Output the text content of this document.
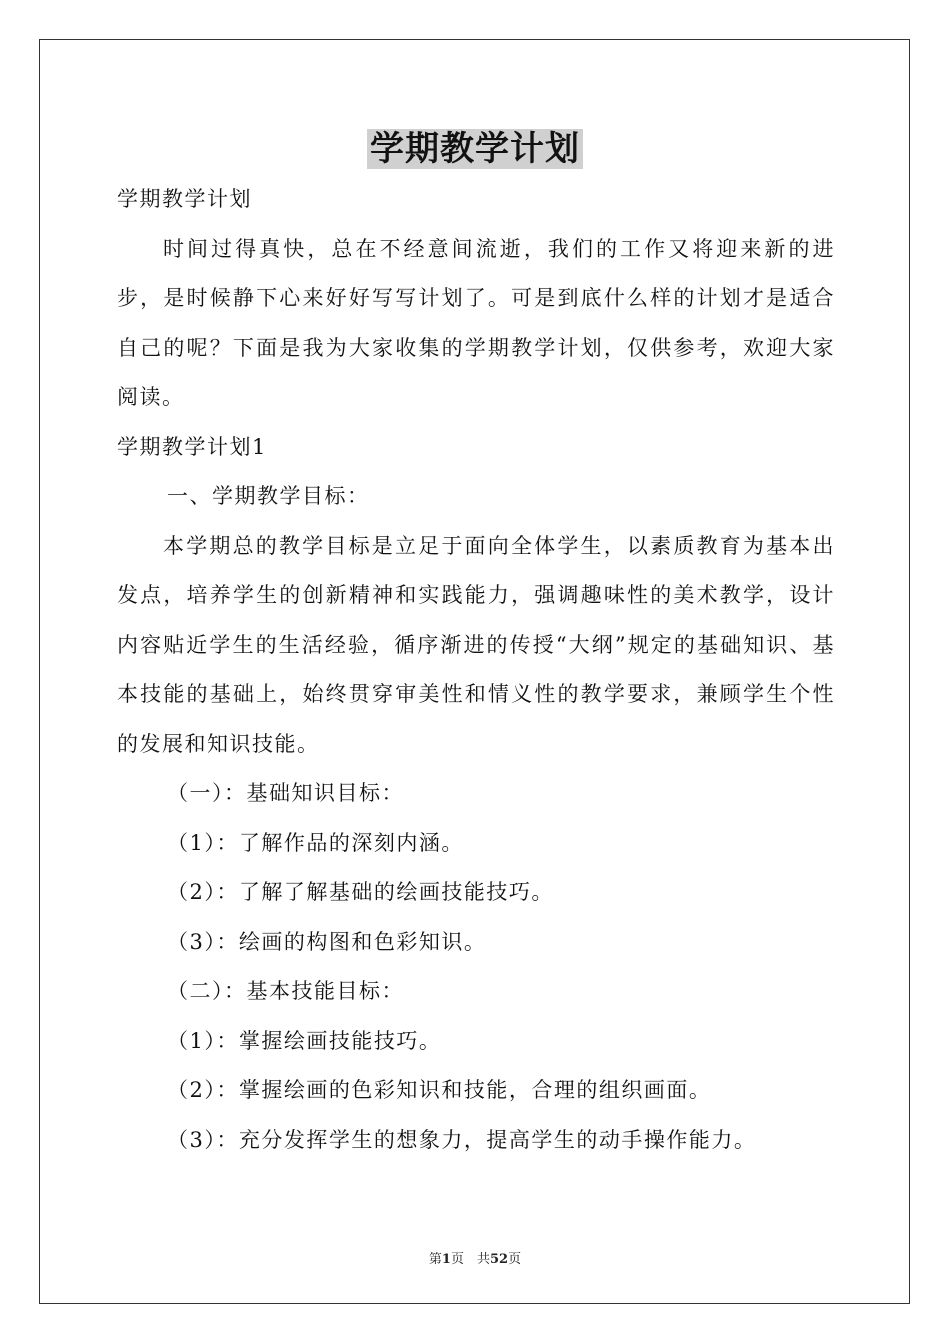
学期教学计划

学期教学计划

时间过得真快，总在不经意间流逝，我们的工作又将迎来新的进步，是时候静下心来好好写写计划了。可是到底什么样的计划才是适合自己的呢？下面是我为大家收集的学期教学计划，仅供参考，欢迎大家阅读。

学期教学计划1

一、学期教学目标：

本学期总的教学目标是立足于面向全体学生，以素质教育为基本出发点，培养学生的创新精神和实践能力，强调趣味性的美术教学，设计内容贴近学生的生活经验，循序渐进的传授“大纲”规定的基础知识、基本技能的基础上，始终贯穿审美性和情义性的教学要求，兼顾学生个性的发展和知识技能。

（一）：基础知识目标：

（1）：了解作品的深刻内涵。

（2）：了解了解基础的绘画技能技巧。

（3）：绘画的构图和色彩知识。

（二）：基本技能目标：

（1）：掌握绘画技能技巧。

（2）：掌握绘画的色彩知识和技能，合理的组织画面。

（3）：充分发挥学生的想象力，提高学生的动手操作能力。

第1页　共52页
